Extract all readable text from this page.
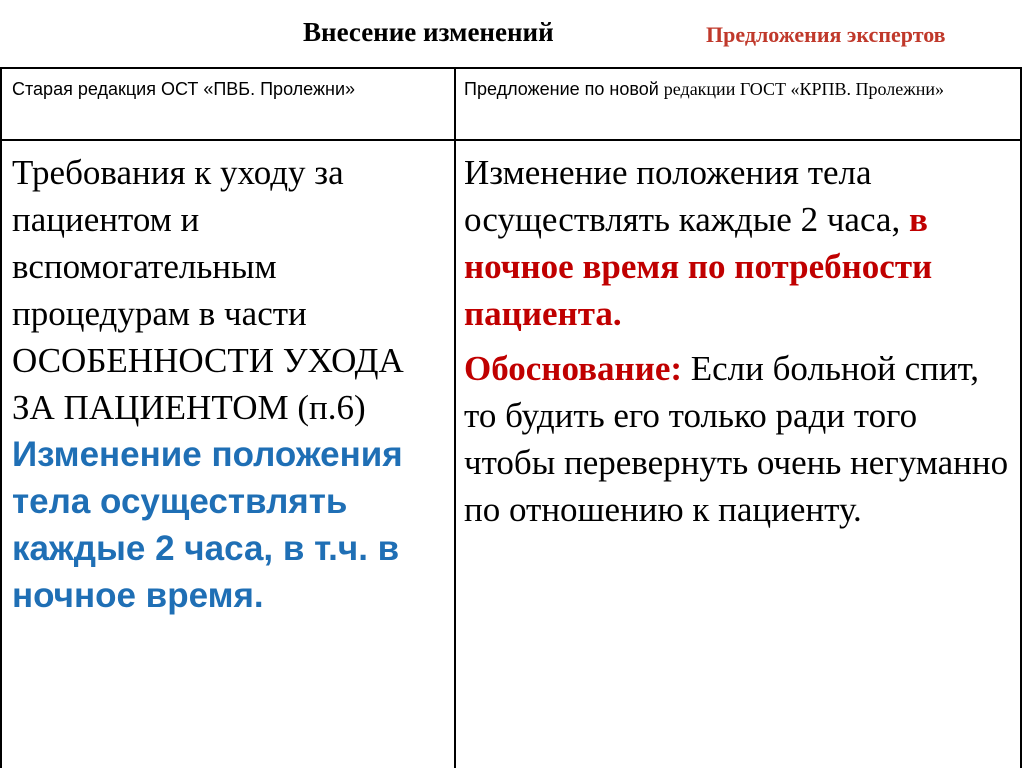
Внесение изменений	Предложения экспертов
Старая редакция ОСТ «ПВБ. Пролежни»	Предложение по новой редакции ГОСТ «КРПВ. Пролежни»
Требования к уходу за пациентом и вспомогательным процедурам в части ОСОБЕННОСТИ УХОДА ЗА ПАЦИЕНТОМ (п.6) Изменение положения тела осуществлять каждые 2 часа, в т.ч. в ночное время.
Изменение положения тела осуществлять каждые 2 часа, в ночное время по потребности пациента.
Обоснование: Если больной спит, то будить его только ради того чтобы перевернуть очень негуманно по отношению к пациенту.
